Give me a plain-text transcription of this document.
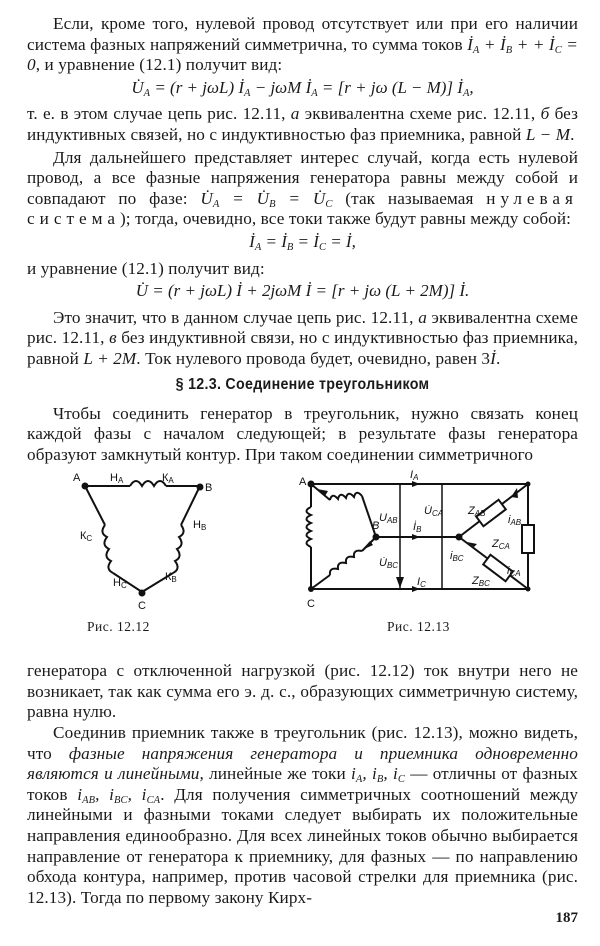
Если, кроме того, нулевой провод отсутствует или при его наличии система фазных напряжений симметрична, то сумма токов $İ_A$ + $İ_B$ + + $İ_C = 0$, и уравнение (12.1) получит вид:

$U̇_A = (r + j\omega L)$ $İ_A - j\omega M$ $İ_A = [r + j\omega$ (L − M)] $İ_A$,

т. е. в этом случае цепь рис. 12.11, а эквивалентна схеме рис. 12.11, б без индуктивных связей, но с индуктивностью фаз приемника, равной L − M.

Для дальнейшего представляет интерес случай, когда есть нулевой провод, а все фазные напряжения генератора равны между собой и совпадают по фазе: $U̇_A$ = $U̇_B$ = $U̇_C$ (так называемая нулевая система); тогда, очевидно, все токи также будут равны между собой:

$İ_A$ = $İ_B$ = $İ_C$ = İ,

и уравнение (12.1) получит вид:

U̇ = (r + jωL) İ + 2jωM İ = [r + jω (L + 2M)] İ.

Это значит, что в данном случае цепь рис. 12.11, а эквивалентна схеме рис. 12.11, в без индуктивной связи, но с индуктивностью фаз приемника, равной L + 2M. Ток нулевого провода будет, очевидно, равен 3İ.

§ 12.3. Соединение треугольником

Чтобы соединить генератор в треугольник, нужно связать конец каждой фазы с началом следующей; в результате фазы генератора образуют замкнутый контур. При таком соединении симметричного

A
B
C
НA	КA
НB
КB
КC
НC
Рис. 12.12
A
B
C
IA
İB
IC
UAB
U̇CA
U̇BC
ZAB
iAB
ZCA
iBC
iCA
ZBC
Рис. 12.13

генератора с отключенной нагрузкой (рис. 12.12) ток внутри него не возникает, так как сумма его э. д. с., образующих симметричную систему, равна нулю.

Соединив приемник также в треугольник (рис. 12.13), можно видеть, что фазные напряжения генератора и приемника одновременно являются и линейными, линейные же токи $i_A$, $i_B$, $i_C$ — отличны от фазных токов $i_{AB}$, $i_{BC}$, $i_{CA}$. Для получения симметричных соотношений между линейными и фазными токами следует выбирать их положительные направления единообразно. Для всех линейных токов обычно выбирается направление от генератора к приемнику, для фазных — по направлению обхода контура, например, против часовой стрелки для приемника (рис. 12.13). Тогда по первому закону Кирх-

187
